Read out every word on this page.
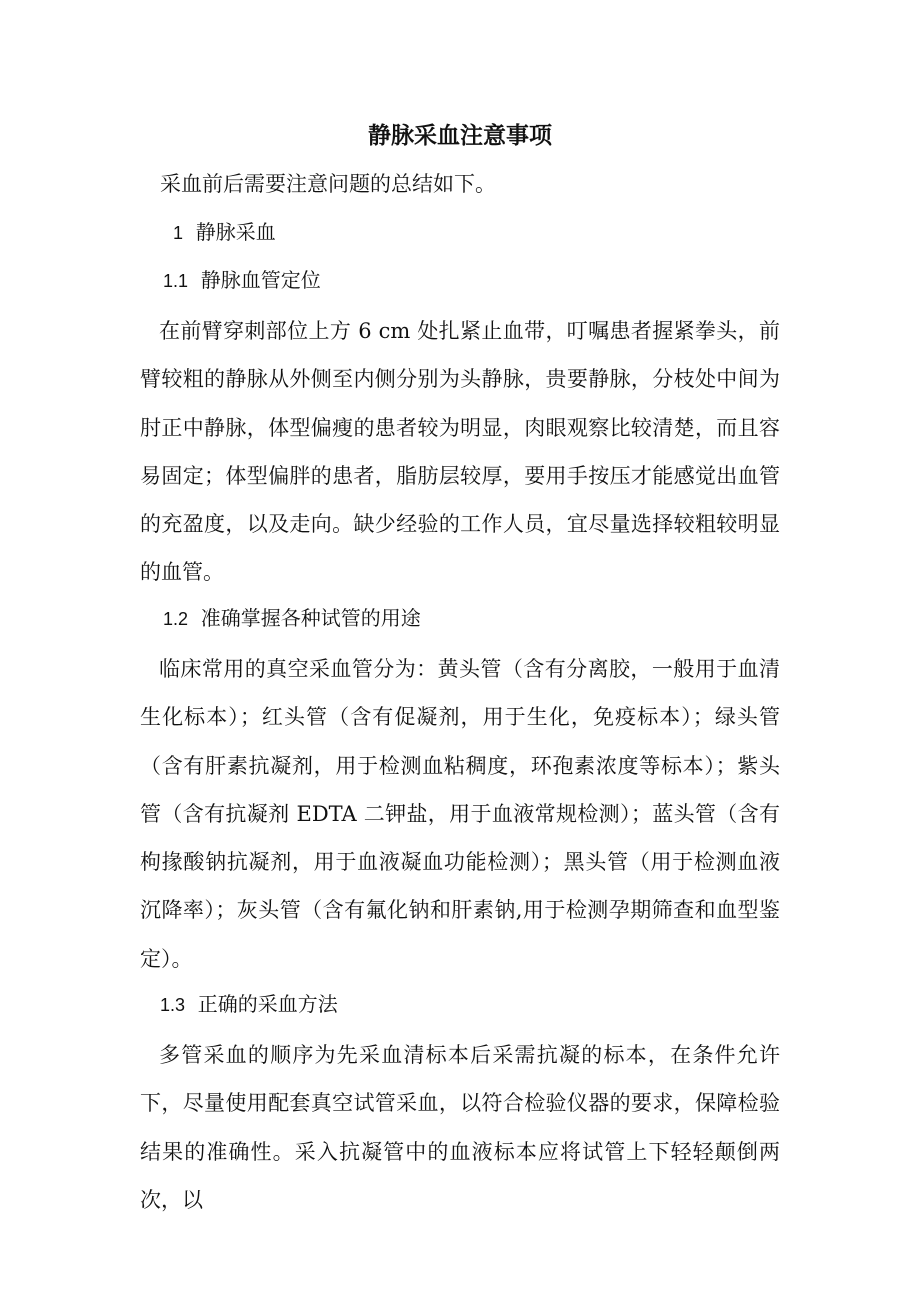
静脉采血注意事项

采血前后需要注意问题的总结如下。

1 静脉采血

1.1 静脉血管定位

在前臂穿刺部位上方 6 cm 处扎紧止血带，叮嘱患者握紧拳头，前臂较粗的静脉从外侧至内侧分别为头静脉，贵要静脉，分枝处中间为肘正中静脉，体型偏瘦的患者较为明显，肉眼观察比较清楚，而且容易固定；体型偏胖的患者，脂肪层较厚，要用手按压才能感觉出血管的充盈度，以及走向。缺少经验的工作人员，宜尽量选择较粗较明显的血管。

1.2 准确掌握各种试管的用途

临床常用的真空采血管分为：黄头管（含有分离胶，一般用于血清生化标本）；红头管（含有促凝剂，用于生化，免疫标本）；绿头管（含有肝素抗凝剂，用于检测血粘稠度，环孢素浓度等标本）；紫头管（含有抗凝剂 EDTA 二钾盐，用于血液常规检测）；蓝头管（含有枸掾酸钠抗凝剂，用于血液凝血功能检测）；黑头管（用于检测血液沉降率）；灰头管（含有氟化钠和肝素钠,用于检测孕期筛查和血型鉴定）。

1.3 正确的采血方法

多管采血的顺序为先采血清标本后采需抗凝的标本，在条件允许下，尽量使用配套真空试管采血，以符合检验仪器的要求，保障检验结果的准确性。采入抗凝管中的血液标本应将试管上下轻轻颠倒两次，以
